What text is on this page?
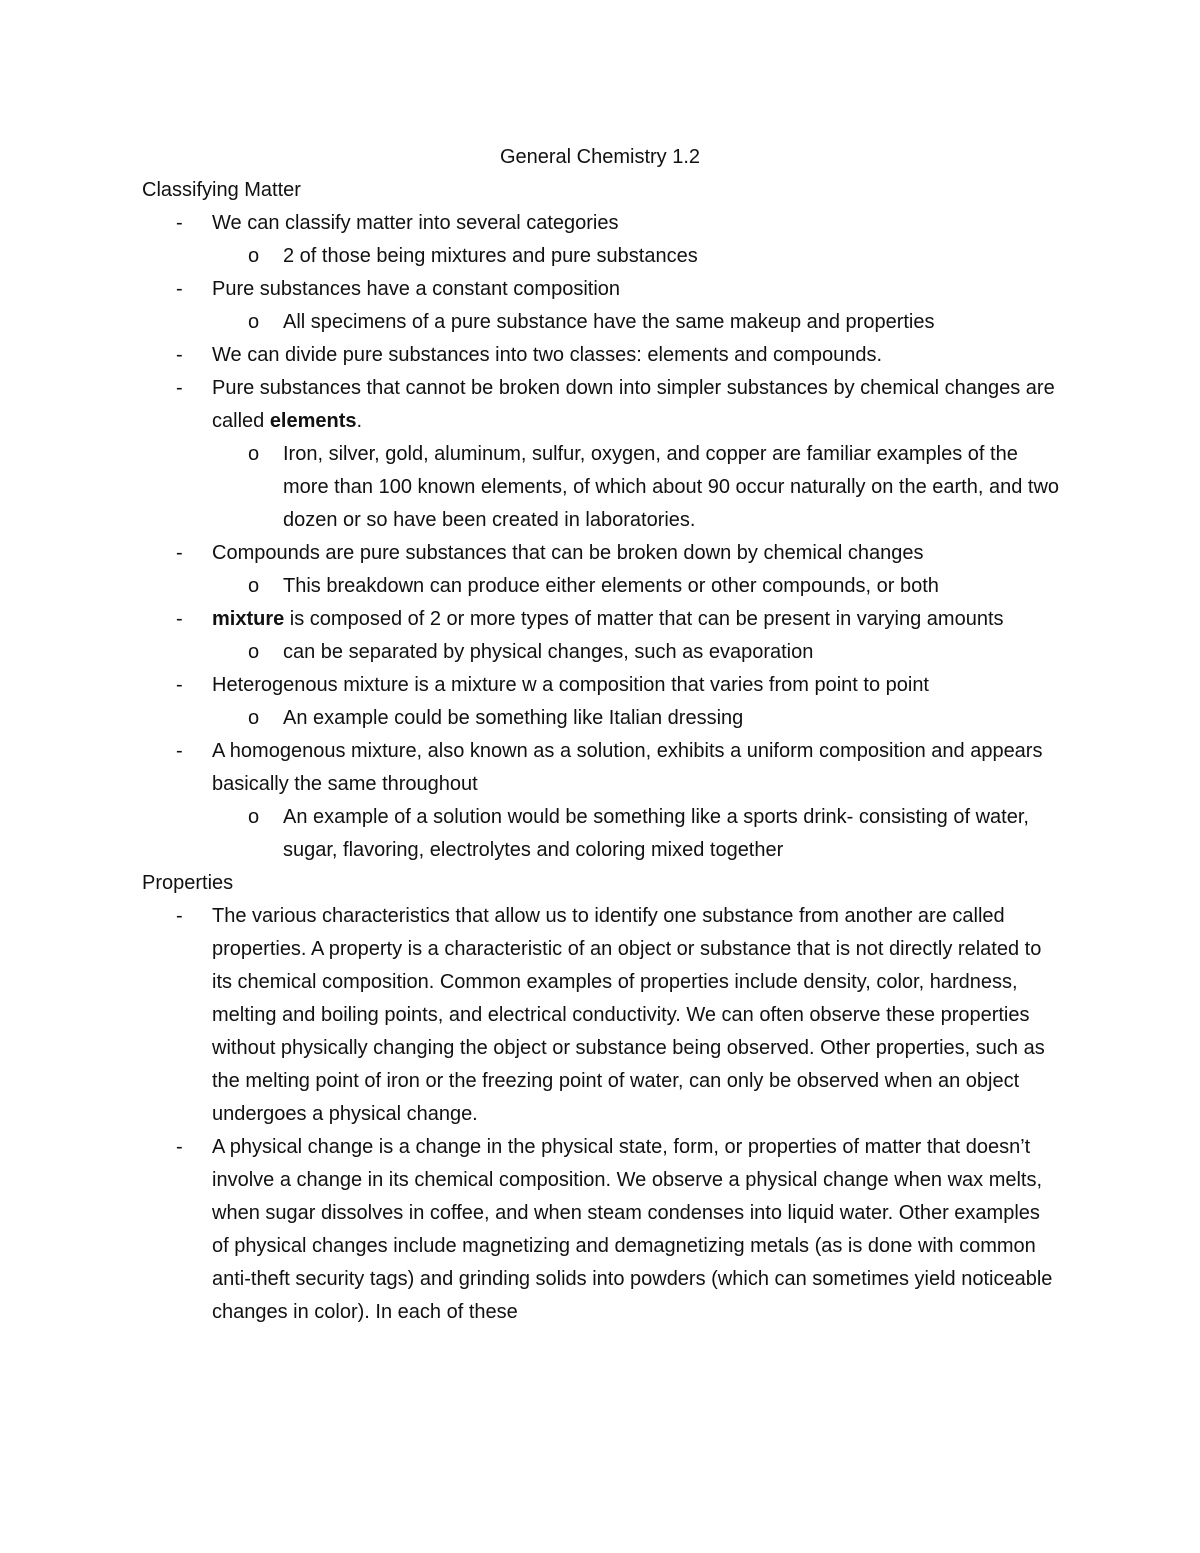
General Chemistry 1.2
Classifying Matter
- We can classify matter into several categories
o 2 of those being mixtures and pure substances
- Pure substances have a constant composition
o All specimens of a pure substance have the same makeup and properties
- We can divide pure substances into two classes: elements and compounds.
- Pure substances that cannot be broken down into simpler substances by chemical changes are called elements.
o Iron, silver, gold, aluminum, sulfur, oxygen, and copper are familiar examples of the more than 100 known elements, of which about 90 occur naturally on the earth, and two dozen or so have been created in laboratories.
- Compounds are pure substances that can be broken down by chemical changes
o This breakdown can produce either elements or other compounds, or both
- mixture is composed of 2 or more types of matter that can be present in varying amounts
o can be separated by physical changes, such as evaporation
- Heterogenous mixture is a mixture w a composition that varies from point to point
o An example could be something like Italian dressing
- A homogenous mixture, also known as a solution, exhibits a uniform composition and appears basically the same throughout
o An example of a solution would be something like a sports drink- consisting of water, sugar, flavoring, electrolytes and coloring mixed together
Properties
- The various characteristics that allow us to identify one substance from another are called properties. A property is a characteristic of an object or substance that is not directly related to its chemical composition. Common examples of properties include density, color, hardness, melting and boiling points, and electrical conductivity. We can often observe these properties without physically changing the object or substance being observed. Other properties, such as the melting point of iron or the freezing point of water, can only be observed when an object undergoes a physical change.
- A physical change is a change in the physical state, form, or properties of matter that doesn’t involve a change in its chemical composition. We observe a physical change when wax melts, when sugar dissolves in coffee, and when steam condenses into liquid water. Other examples of physical changes include magnetizing and demagnetizing metals (as is done with common anti-theft security tags) and grinding solids into powders (which can sometimes yield noticeable changes in color). In each of these
